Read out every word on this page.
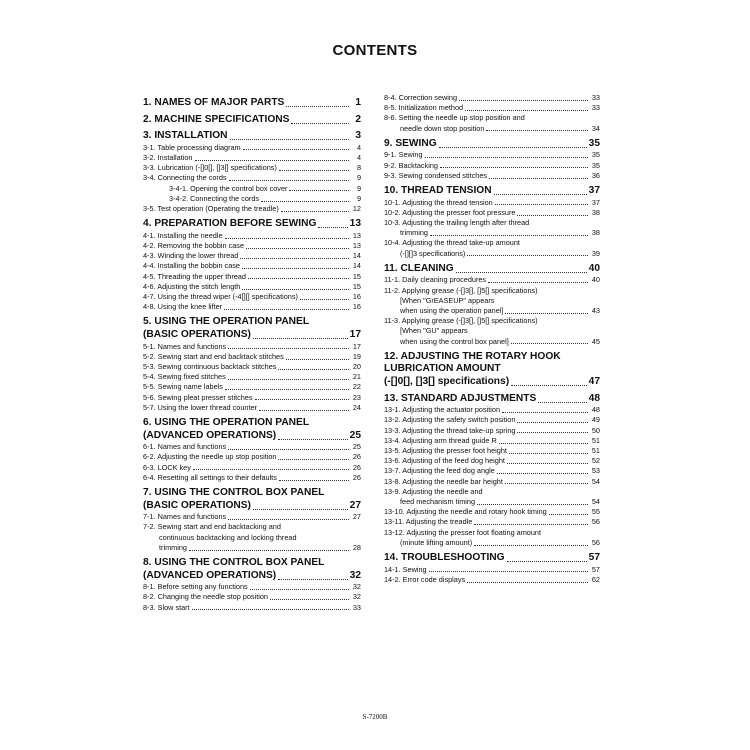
CONTENTS
1. NAMES OF MAJOR PARTS	1
2. MACHINE SPECIFICATIONS	2
3. INSTALLATION	3
3-1. Table processing diagram	4
3-2. Installation	4
3-3. Lubrication (-[]0[], []3[] specifications)	8
3-4. Connecting the cords	9
3-4-1. Opening the control box cover	9
3-4-2. Connecting the cords	9
3-5. Test operation (Operating the treadle)	12
4. PREPARATION BEFORE SEWING	13
4-1. Installing the needle	13
4-2. Removing the bobbin case	13
4-3. Winding the lower thread	14
4-4. Installing the bobbin case	14
4-5. Threading the upper thread	15
4-6. Adjusting the stitch length	15
4-7. Using the thread wiper (-4[][] specifications)	16
4-8. Using the knee lifter	16
5. USING THE OPERATION PANEL
(BASIC OPERATIONS)	17
5-1. Names and functions	17
5-2. Sewing start and end backtack stitches	19
5-3. Sewing continuous backtack stitches	20
5-4. Sewing fixed stitches	21
5-5. Sewing name labels	22
5-6. Sewing pleat presser stitches	23
5-7. Using the lower thread counter	24
6. USING THE OPERATION PANEL
(ADVANCED OPERATIONS)	25
6-1. Names and functions	25
6-2. Adjusting the needle up stop position	26
6-3. LOCK key	26
6-4. Resetting all settings to their defaults	26
7. USING THE CONTROL BOX PANEL
(BASIC OPERATIONS)	27
7-1. Names and functions	27
7-2. Sewing start and end backtacking and
continuous backtacking and locking thread
trimming	28
8. USING THE CONTROL BOX PANEL
(ADVANCED OPERATIONS)	32
8-1. Before setting any functions	32
8-2. Changing the needle stop position	32
8-3. Slow start	33
8-4. Correction sewing	33
8-5. Initialization method	33
8-6. Setting the needle up stop position and
needle down stop position	34
9. SEWING	35
9-1. Sewing	35
9-2. Backtacking	35
9-3. Sewing condensed stitches	36
10. THREAD TENSION	37
10-1. Adjusting the thread tension	37
10-2. Adjusting the presser foot pressure	38
10-3. Adjusting the trailing length after thread
trimming	38
10-4. Adjusting the thread take-up amount
(-[][]3 specifications)	39
11. CLEANING	40
11-1. Daily cleaning procedures	40
11-2. Applying grease (-[]3[], []5[] specifications)
[When "GrEASEUP" appears
when using the operation panel]	43
11-3. Applying grease (-[]3[], []5[] specifications)
[When "GU" appears
when using the control box panel]	45
12. ADJUSTING THE ROTARY HOOK
LUBRICATION AMOUNT
(-[]0[], []3[] specifications)	47
13. STANDARD ADJUSTMENTS	48
13-1. Adjusting the actuator position	48
13-2. Adjusting the safety switch position	49
13-3. Adjusting the thread take-up spring	50
13-4. Adjusting arm thread guide R	51
13-5. Adjusting the presser foot height	51
13-6. Adjusting of the feed dog height	52
13-7. Adjusting the feed dog angle	53
13-8. Adjusting the needle bar height	54
13-9. Adjusting the needle and
feed mechanism timing	54
13-10. Adjusting the needle and rotary hook timing	55
13-11. Adjusting the treadle	56
13-12. Adjusting the presser foot floating amount
(minute lifting amount)	56
14. TROUBLESHOOTING	57
14-1. Sewing	57
14-2. Error code displays	62
S-7200B
